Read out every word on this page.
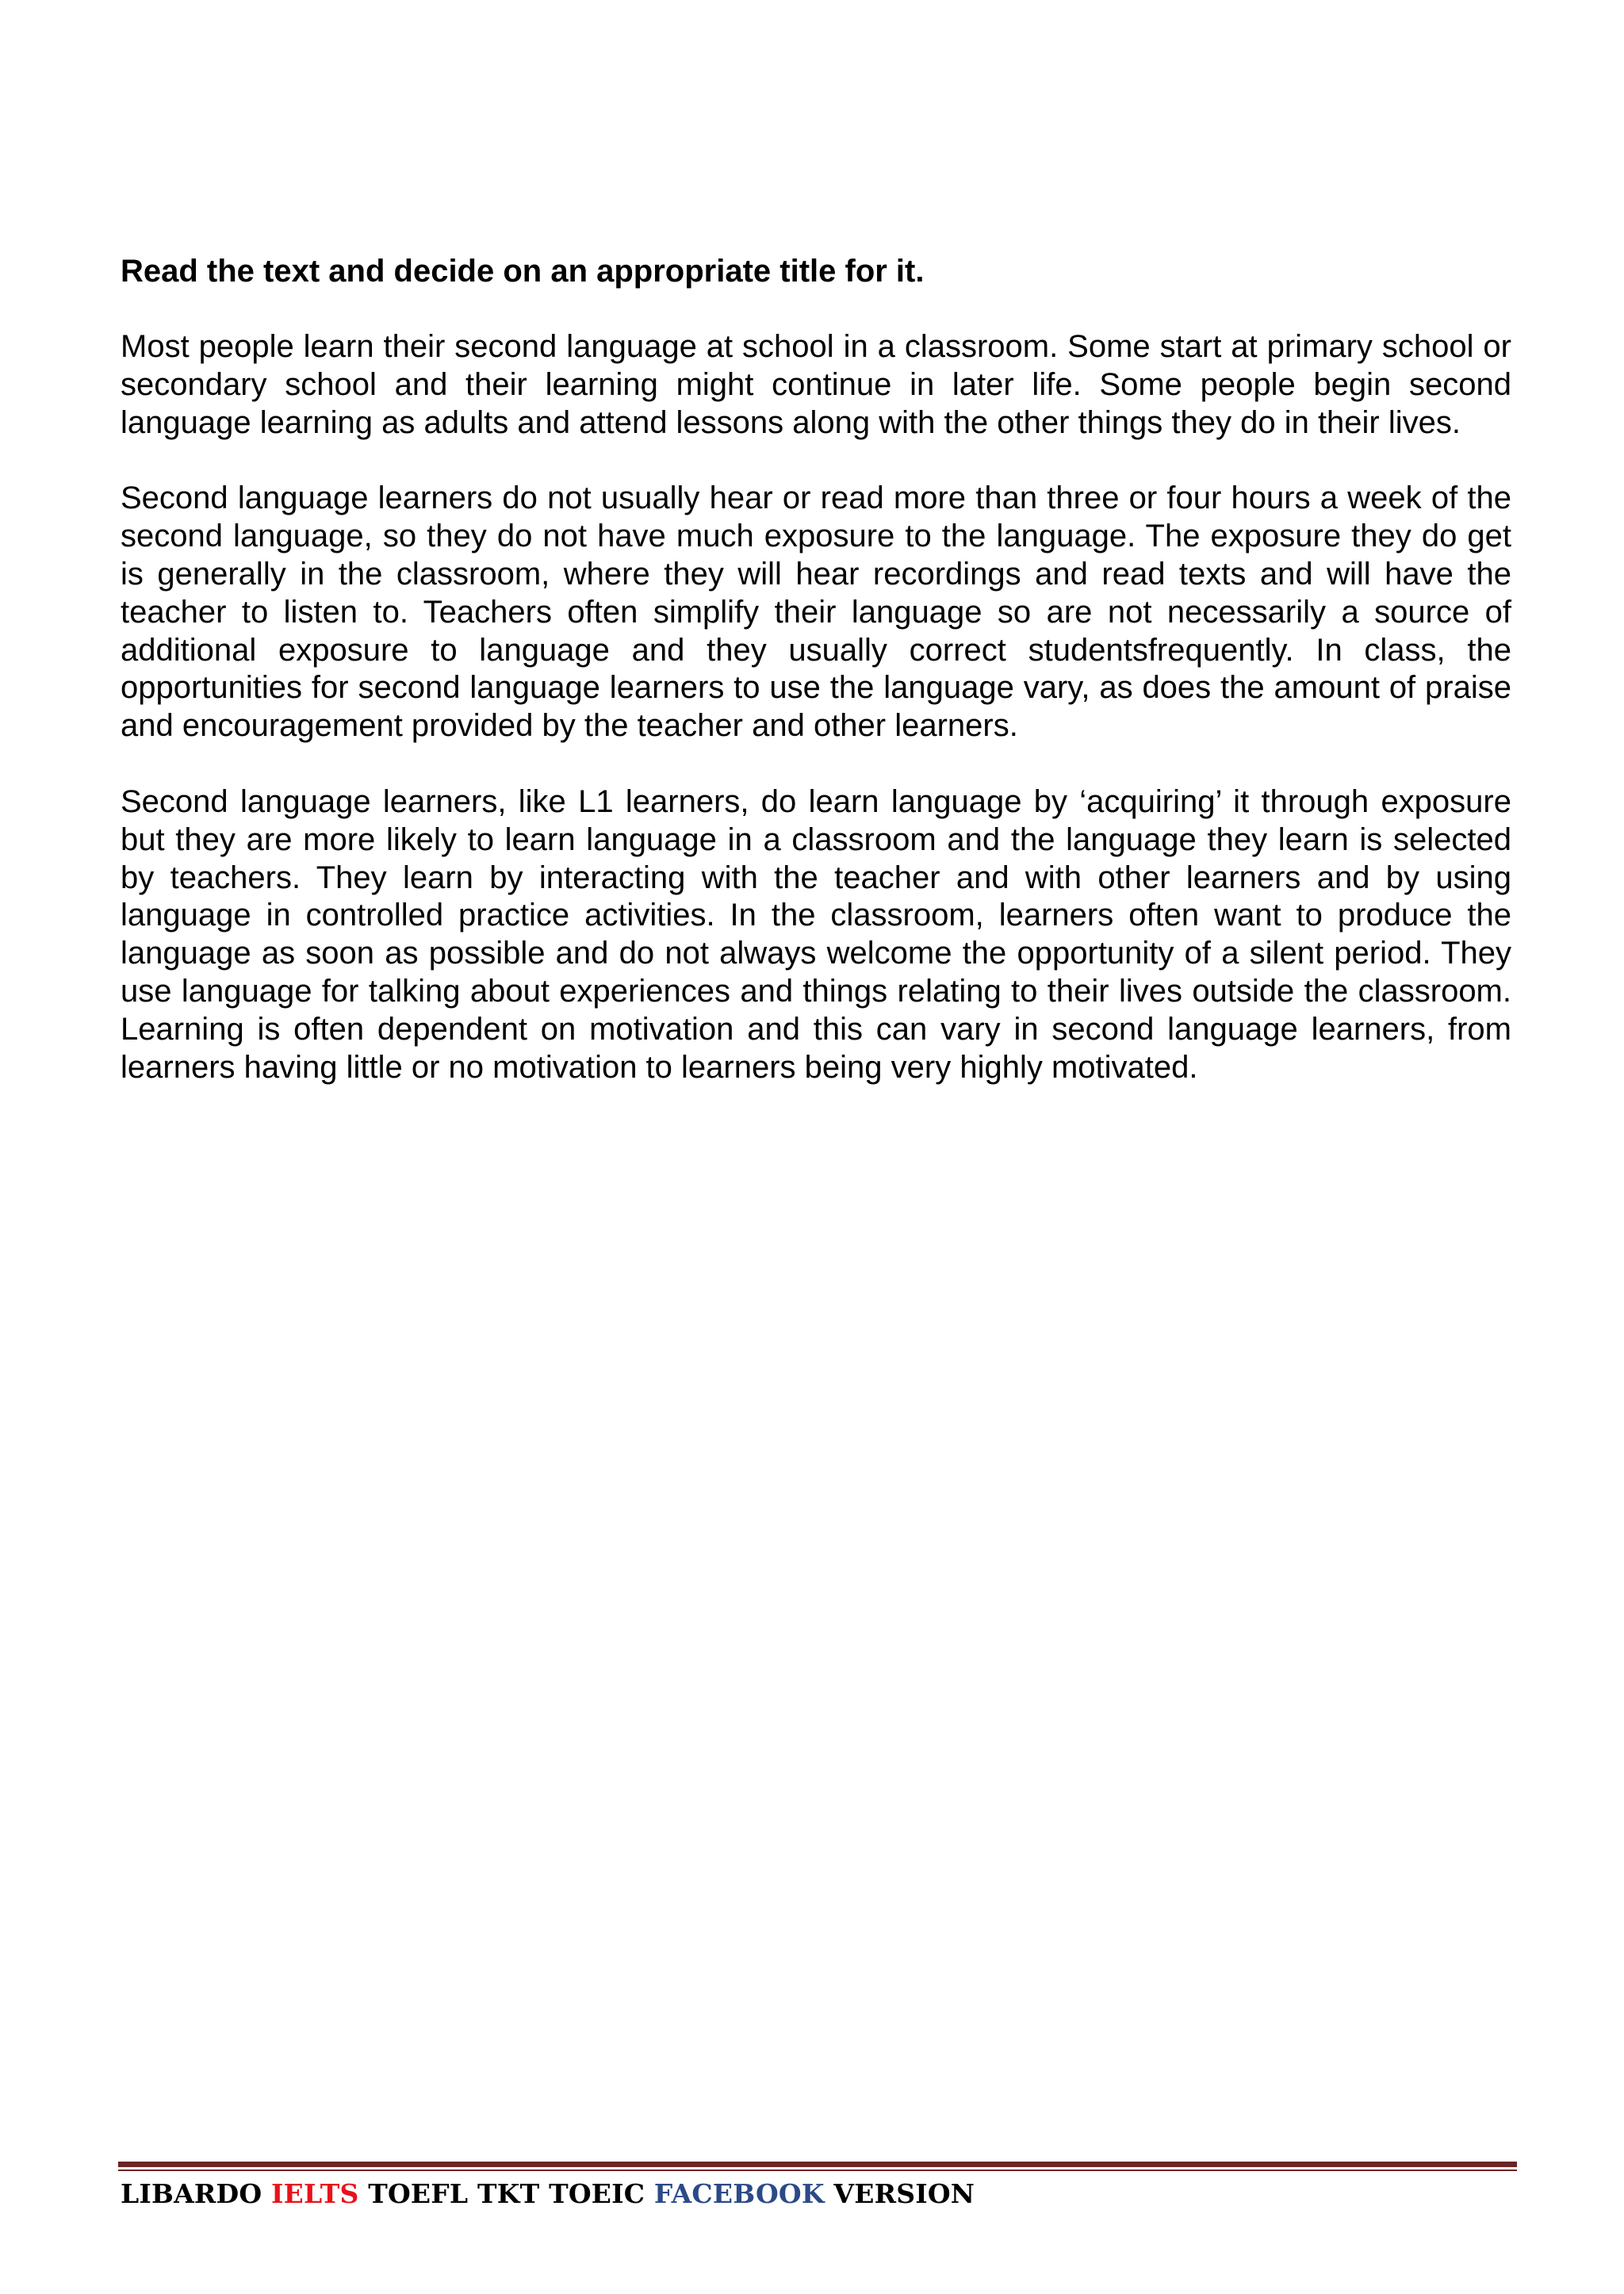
Read the text and decide on an appropriate title for it.

Most people learn their second language at school in a classroom. Some start at primary school or secondary school and their learning might continue in later life. Some people begin second language learning as adults and attend lessons along with the other things they do in their lives.

Second language learners do not usually hear or read more than three or four hours a week of the second language, so they do not have much exposure to the language. The exposure they do get is generally in the classroom, where they will hear recordings and read texts and will have the teacher to listen to. Teachers often simplify their language so are not necessarily a source of additional exposure to language and they usually correct studentsfrequently. In class, the opportunities for second language learners to use the language vary, as does the amount of praise and encouragement provided by the teacher and other learners.

Second language learners, like L1 learners, do learn language by ‘acquiring’ it through exposure but they are more likely to learn language in a classroom and the language they learn is selected by teachers. They learn by interacting with the teacher and with other learners and by using language in controlled practice activities. In the classroom, learners often want to produce the language as soon as possible and do not always welcome the opportunity of a silent period. They use language for talking about experiences and things relating to their lives outside the classroom. Learning is often dependent on motivation and this can vary in second language learners, from learners having little or no motivation to learners being very highly motivated.

LIBARDO IELTS TOEFL TKT TOEIC FACEBOOK VERSION
